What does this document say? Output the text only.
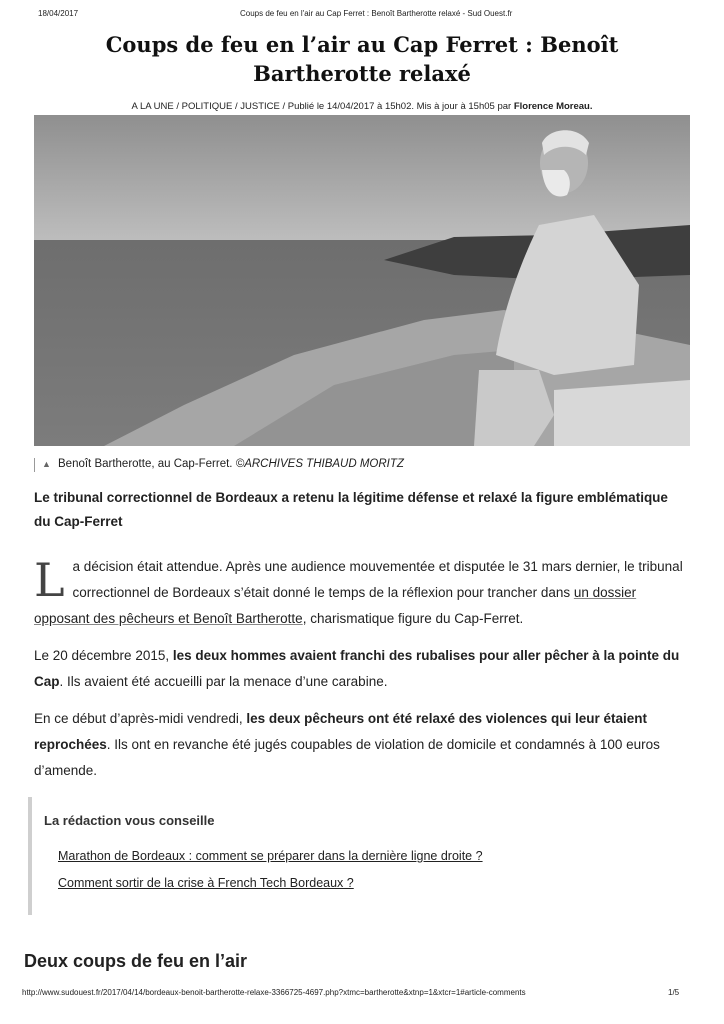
18/04/2017	Coups de feu en l'air au Cap Ferret : Benoît Bartherotte relaxé - Sud Ouest.fr
Coups de feu en l’air au Cap Ferret : Benoît Bartherotte relaxé
A LA UNE / POLITIQUE / JUSTICE / Publié le 14/04/2017 à 15h02. Mis à jour à 15h05 par Florence Moreau.
▲ Benoît Bartherotte, au Cap-Ferret. ©ARCHIVES THIBAUD MORITZ

Le tribunal correctionnel de Bordeaux a retenu la légitime défense et relaxé la figure emblématique du Cap-Ferret

La décision était attendue. Après une audience mouvementée et disputée le 31 mars dernier, le tribunal correctionnel de Bordeaux s’était donné le temps de la réflexion pour trancher dans un dossier opposant des pêcheurs et Benoît Bartherotte, charismatique figure du Cap-Ferret.

Le 20 décembre 2015, les deux hommes avaient franchi des rubalises pour aller pêcher à la pointe du Cap. Ils avaient été accueilli par la menace d’une carabine.

En ce début d’après-midi vendredi, les deux pêcheurs ont été relaxé des violences qui leur étaient reprochées. Ils ont en revanche été jugés coupables de violation de domicile et condamnés à 100 euros d’amende.

La rédaction vous conseille
Marathon de Bordeaux : comment se préparer dans la dernière ligne droite ?
Comment sortir de la crise à French Tech Bordeaux ?
Deux coups de feu en l’air
http://www.sudouest.fr/2017/04/14/bordeaux-benoit-bartherotte-relaxe-3366725-4697.php?xtmc=bartherotte&xtnp=1&xtcr=1#article-comments	1/5
